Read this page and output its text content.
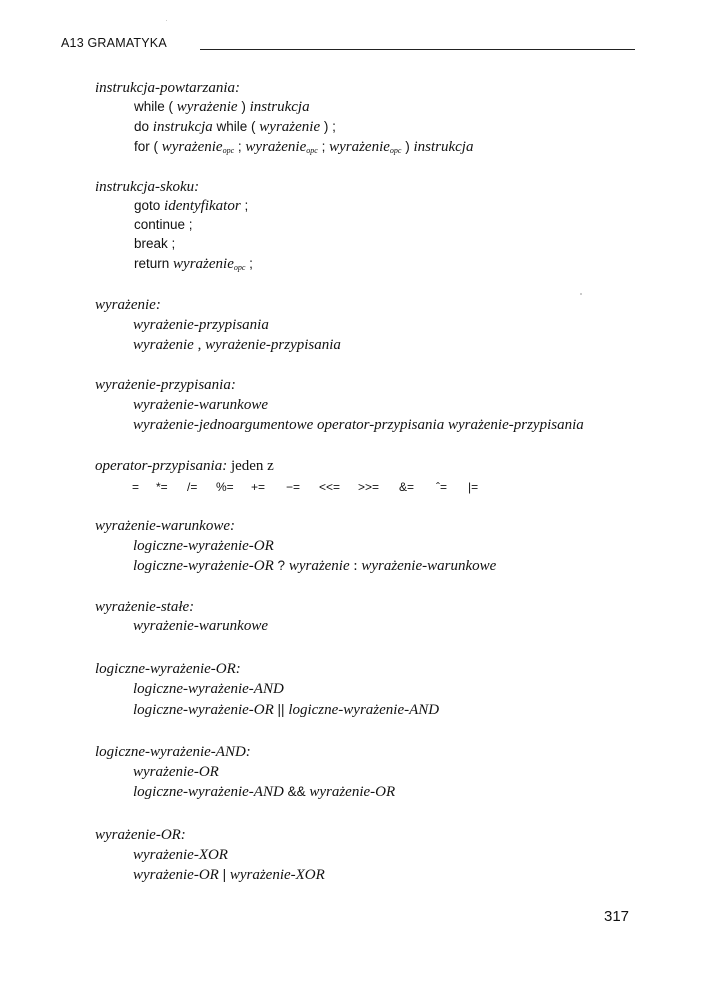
A13 GRAMATYKA
instrukcja-powtarzania:
while ( wyrażenie ) instrukcja
do instrukcja while ( wyrażenie ) ;
for ( wyrażenie$_{opc}$ ; wyrażenie$_{opc}$ ; wyrażenie$_{opc}$ ) instrukcja
instrukcja-skoku:
goto identyfikator ;
continue ;
break ;
return wyrażenie$_{opc}$ ;
wyrażenie:
wyrażenie-przypisania
wyrażenie , wyrażenie-przypisania
wyrażenie-przypisania:
wyrażenie-warunkowe
wyrażenie-jednoargumentowe operator-przypisania wyrażenie-przypisania
operator-przypisania: jeden z
= *= /= %= += −= <<= >>= &= ˆ= |=
wyrażenie-warunkowe:
logiczne-wyrażenie-OR
logiczne-wyrażenie-OR ? wyrażenie : wyrażenie-warunkowe
wyrażenie-stałe:
wyrażenie-warunkowe
logiczne-wyrażenie-OR:
logiczne-wyrażenie-AND
logiczne-wyrażenie-OR || logiczne-wyrażenie-AND
logiczne-wyrażenie-AND:
wyrażenie-OR
logiczne-wyrażenie-AND && wyrażenie-OR
wyrażenie-OR:
wyrażenie-XOR
wyrażenie-OR | wyrażenie-XOR
317
